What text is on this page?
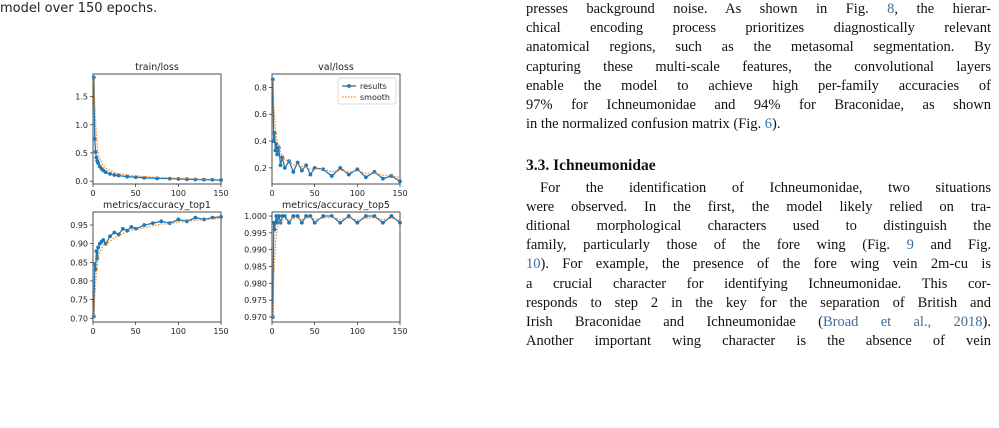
model over 150 epochs.
train/loss
0	50	100	150
0.0
0.5
1.0
1.5
val/loss
0	50	100	150
0.2
0.4
0.6
0.8	results
smooth
metrics/accuracy_top1
0	50	100	150
0.70
0.75
0.80
0.85
0.90
0.95
metrics/accuracy_top5
0	50	100	150
0.970
0.975
0.980
0.985
0.990
0.995
1.000
presses background noise. As shown in Fig. 8, the hierar-
chical encoding process prioritizes diagnostically relevant
anatomical regions, such as the metasomal segmentation. By
capturing these multi-scale features, the convolutional layers
enable the model to achieve high per-family accuracies of
97% for Ichneumonidae and 94% for Braconidae, as shown
in the normalized confusion matrix (Fig. 6).
3.3. Ichneumonidae
For the identification of Ichneumonidae, two situations
were observed. In the first, the model likely relied on tra-
ditional morphological characters used to distinguish the
family, particularly those of the fore wing (Fig. 9 and Fig.
10). For example, the presence of the fore wing vein 2m-cu is
a crucial character for identifying Ichneumonidae. This cor-
responds to step 2 in the key for the separation of British and
Irish Braconidae and Ichneumonidae (Broad et al., 2018).
Another important wing character is the absence of vein
